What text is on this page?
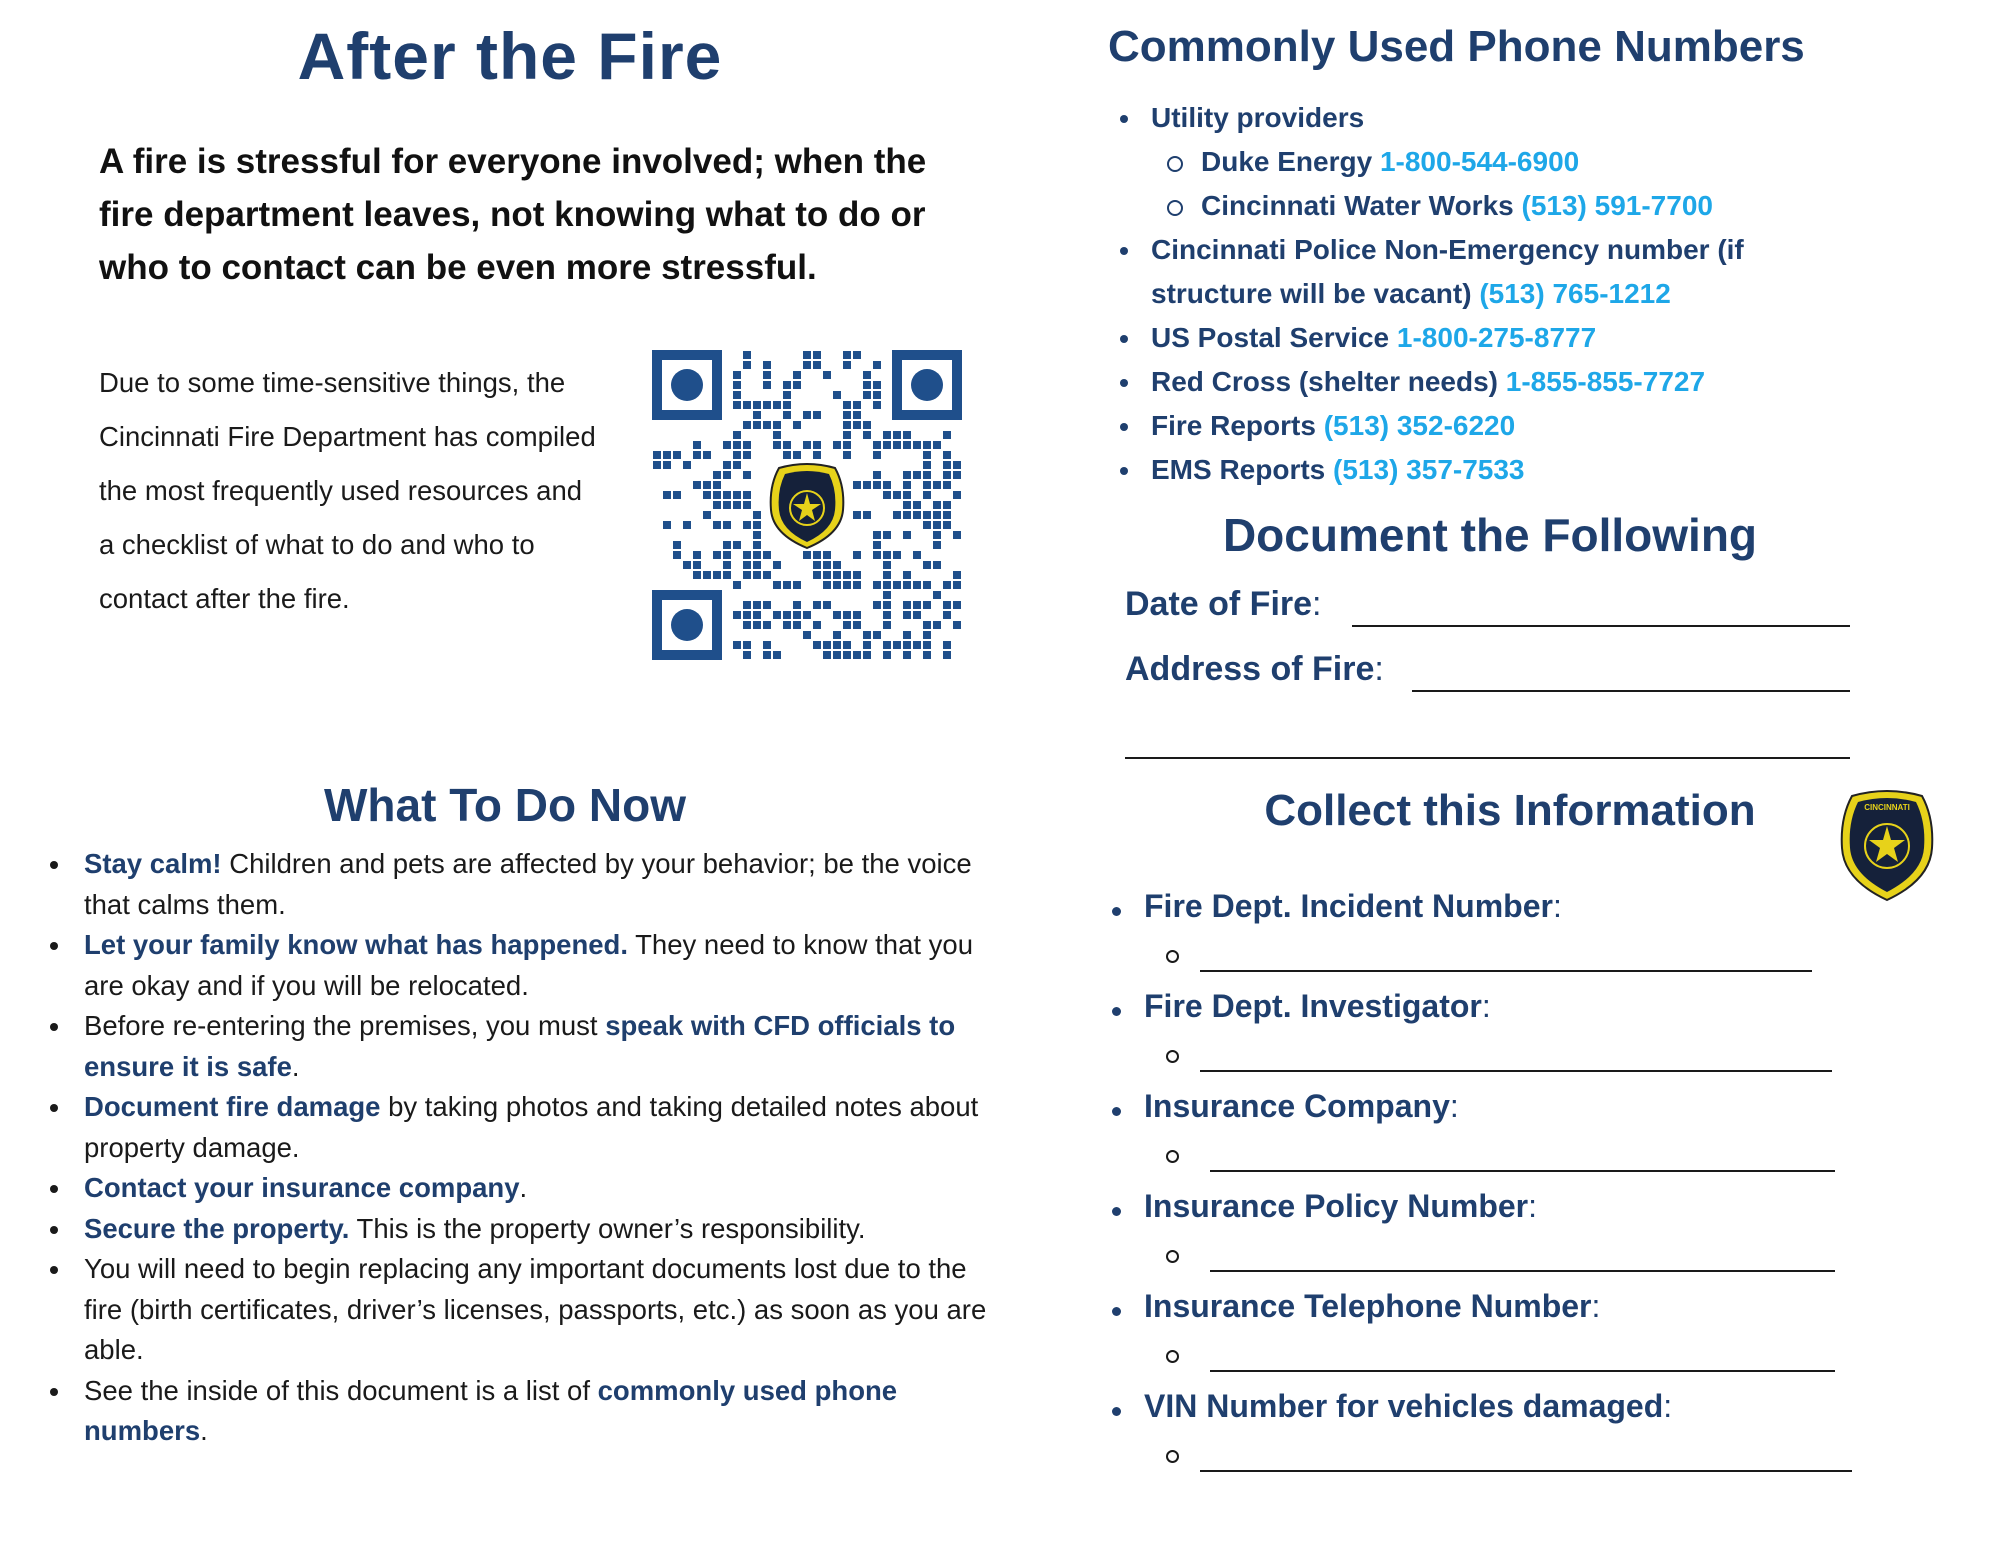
After the Fire

A fire is stressful for everyone involved; when the fire department leaves, not knowing what to do or who to contact can be even more stressful.

Due to some time-sensitive things, the Cincinnati Fire Department has compiled the most frequently used resources and a checklist of what to do and who to contact after the fire.

What To Do Now
Stay calm! Children and pets are affected by your behavior; be the voice that calms them.
Let your family know what has happened. They need to know that you are okay and if you will be relocated.
Before re-entering the premises, you must speak with CFD officials to ensure it is safe.
Document fire damage by taking photos and taking detailed notes about property damage.
Contact your insurance company.
Secure the property. This is the property owner’s responsibility.
You will need to begin replacing any important documents lost due to the fire (birth certificates, driver’s licenses, passports, etc.) as soon as you are able.
See the inside of this document is a list of commonly used phone numbers.
Commonly Used Phone Numbers
Utility providers
Duke Energy 1-800-544-6900
Cincinnati Water Works (513) 591-7700
Cincinnati Police Non-Emergency number (if structure will be vacant) (513) 765-1212
US Postal Service 1-800-275-8777
Red Cross (shelter needs) 1-855-855-7727
Fire Reports (513) 352-6220
EMS Reports (513) 357-7533
Document the Following
Date of Fire:
Address of Fire:
Collect this Information	CINCINNATI
Fire Dept. Incident Number:
Fire Dept. Investigator:
Insurance Company:
Insurance Policy Number:
Insurance Telephone Number:
VIN Number for vehicles damaged:
